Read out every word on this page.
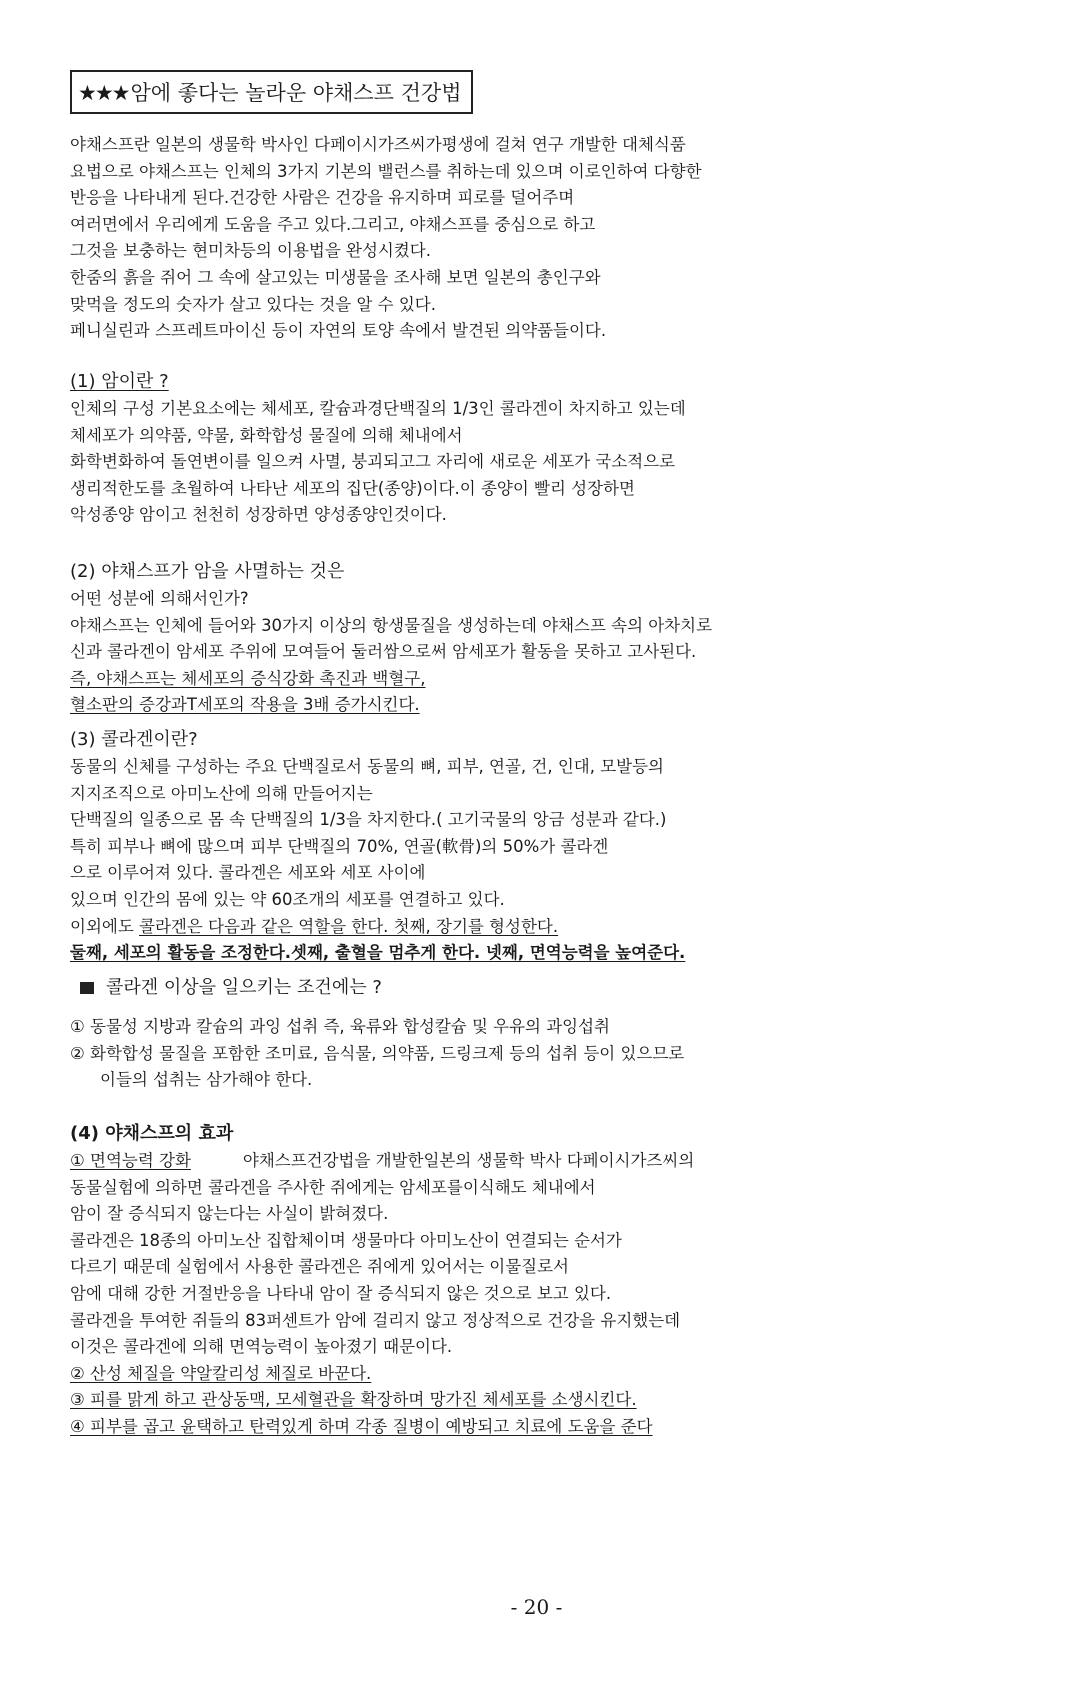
★★★암에 좋다는 놀라운 야채스프 건강법

야채스프란 일본의 생물학 박사인 다페이시가즈씨가평생에 걸쳐 연구 개발한 대체식품

요법으로 야채스프는 인체의 3가지 기본의 밸런스를 취하는데 있으며 이로인하여 다향한

반응을 나타내게 된다.건강한 사람은 건강을 유지하며 피로를 덜어주며

여러면에서 우리에게 도움을 주고 있다.그리고, 야채스프를 중심으로 하고

그것을 보충하는 현미차등의 이용법을 완성시켰다.

한줌의 흙을 쥐어 그 속에 살고있는 미생물을 조사해 보면 일본의 총인구와

맞먹을 정도의 숫자가 살고 있다는 것을 알 수 있다.

페니실린과 스프레트마이신 등이 자연의 토양 속에서 발견된 의약품들이다.

(1) 암이란 ?

인체의 구성 기본요소에는 체세포, 칼슘과경단백질의 1/3인 콜라겐이 차지하고 있는데

체세포가 의약품, 약물, 화학합성 물질에 의해 체내에서

화학변화하여 돌연변이를 일으켜 사멸, 붕괴되고그 자리에 새로운 세포가 국소적으로

생리적한도를 초월하여 나타난 세포의 집단(종양)이다.이 종양이 빨리 성장하면

악성종양 암이고 천천히 성장하면 양성종양인것이다.

(2) 야채스프가 암을 사멸하는 것은

어떤 성분에 의해서인가?

야채스프는 인체에 들어와 30가지 이상의 항생물질을 생성하는데 야채스프 속의 아차치로

신과 콜라겐이 암세포 주위에 모여들어 둘러쌈으로써 암세포가 활동을 못하고 고사된다.

즉, 야채스프는 체세포의 증식강화 촉진과 백혈구,

혈소판의 증강과T세포의 작용을 3배 증가시킨다.

(3) 콜라겐이란?

동물의 신체를 구성하는 주요 단백질로서 동물의 뼈, 피부, 연골, 건, 인대, 모발등의

지지조직으로 아미노산에 의해 만들어지는

단백질의 일종으로 몸 속 단백질의 1/3을 차지한다.( 고기국물의 앙금 성분과 같다.)

특히 피부나 뼈에 많으며 피부 단백질의 70%, 연골(軟骨)의 50%가 콜라겐

으로 이루어져 있다. 콜라겐은 세포와 세포 사이에

있으며 인간의 몸에 있는 약 60조개의 세포를 연결하고 있다.

이외에도 콜라겐은 다음과 같은 역할을 한다. 첫째, 장기를 형성한다.

둘째, 세포의 활동을 조정한다.셋째, 출혈을 멈추게 한다. 넷째, 면역능력을 높여준다.

콜라겐 이상을 일으키는 조건에는 ?

① 동물성 지방과 칼슘의 과잉 섭취 즉, 육류와 합성칼슘 및 우유의 과잉섭취

② 화학합성 물질을 포함한 조미료, 음식물, 의약품, 드링크제 등의 섭취 등이 있으므로

이들의 섭취는 삼가해야 한다.

(4) 야채스프의 효과

① 면역능력 강화	야채스프건강법을 개발한일본의 생물학 박사 다페이시가즈씨의

동물실험에 의하면 콜라겐을 주사한 쥐에게는 암세포를이식해도 체내에서

암이 잘 증식되지 않는다는 사실이 밝혀졌다.

콜라겐은 18종의 아미노산 집합체이며 생물마다 아미노산이 연결되는 순서가

다르기 때문데 실험에서 사용한 콜라겐은 쥐에게 있어서는 이물질로서

암에 대해 강한 거절반응을 나타내 암이 잘 증식되지 않은 것으로 보고 있다.

콜라겐을 투여한 쥐들의 83퍼센트가 암에 걸리지 않고 정상적으로 건강을 유지했는데

이것은 콜라겐에 의해 면역능력이 높아졌기 때문이다.

② 산성 체질을 약알칼리성 체질로 바꾼다.

③ 피를 맑게 하고 관상동맥, 모세혈관을 확장하며 망가진 체세포를 소생시킨다.

④ 피부를 곱고 윤택하고 탄력있게 하며 각종 질병이 예방되고 치료에 도움을 준다

- 20 -
